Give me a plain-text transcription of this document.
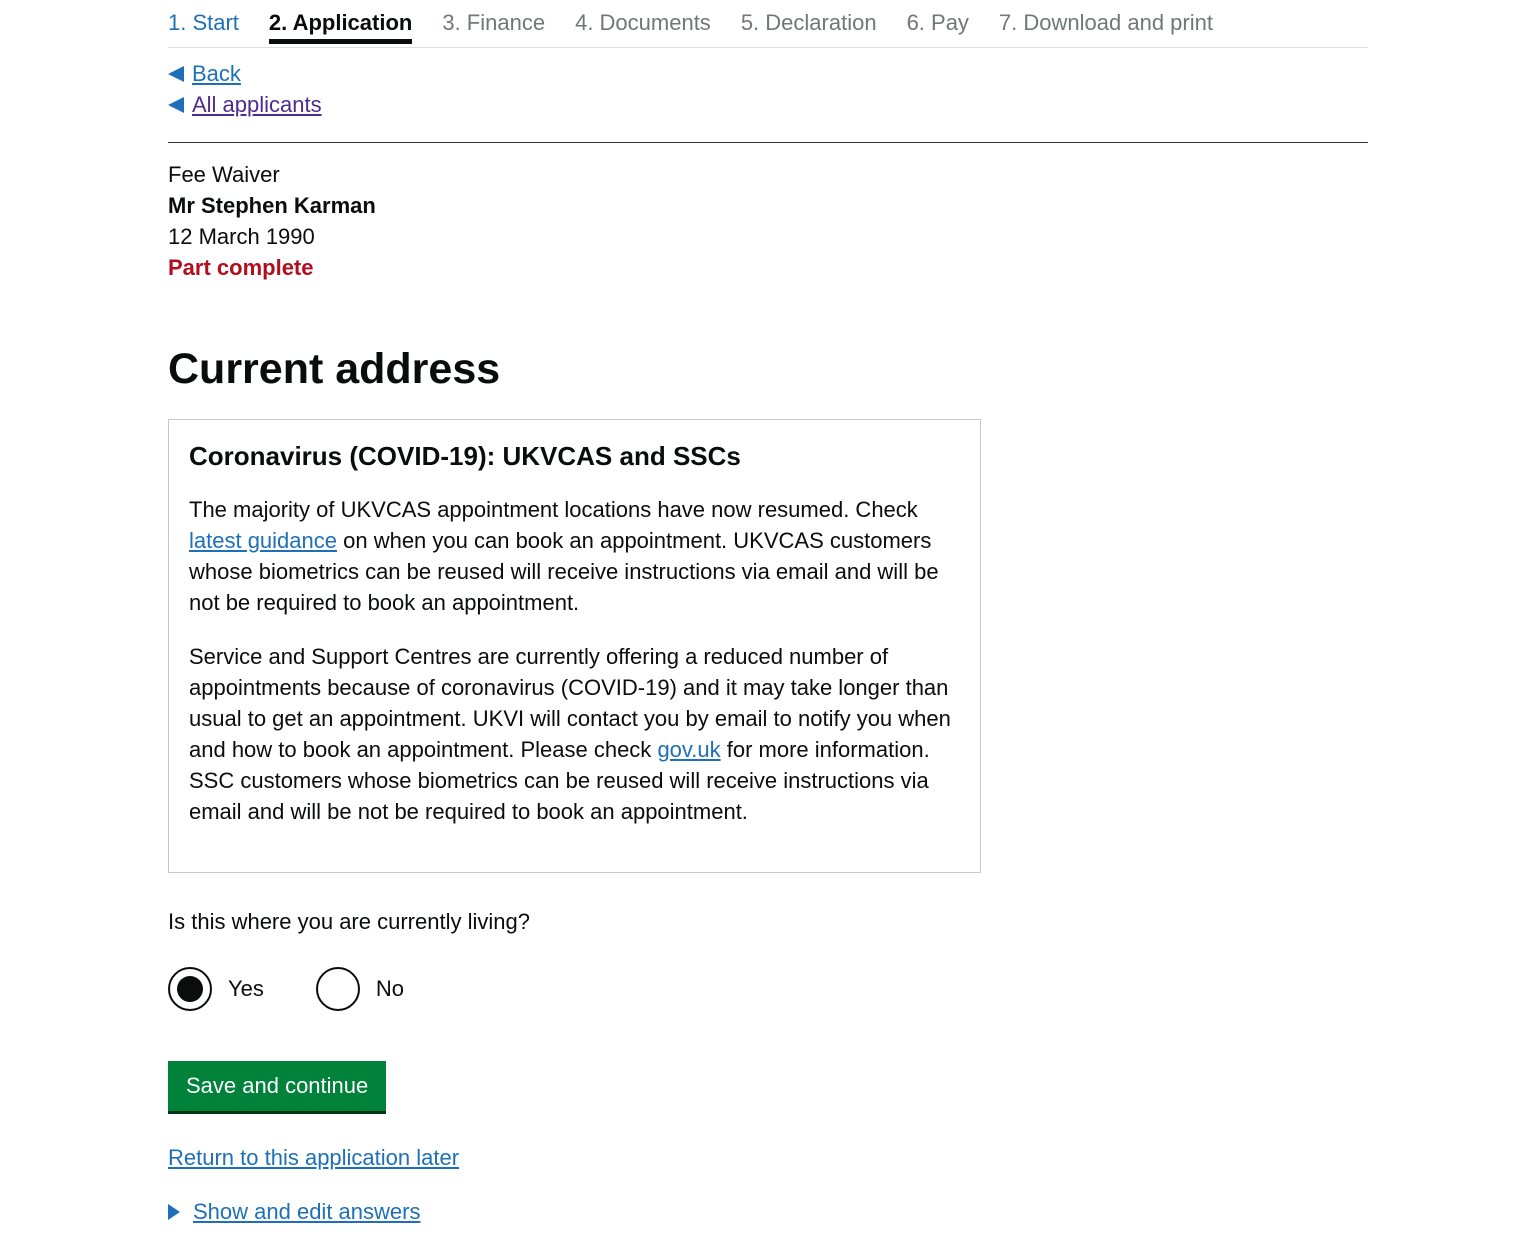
1. Start 2. Application 3. Finance 4. Documents 5. Declaration 6. Pay 7. Download and print
Back
All applicants
Fee Waiver
Mr Stephen Karman
12 March 1990
Part complete
Current address
Coronavirus (COVID-19): UKVCAS and SSCs

The majority of UKVCAS appointment locations have now resumed. Check latest guidance on when you can book an appointment. UKVCAS customers whose biometrics can be reused will receive instructions via email and will be not be required to book an appointment.

Service and Support Centres are currently offering a reduced number of appointments because of coronavirus (COVID-19) and it may take longer than usual to get an appointment. UKVI will contact you by email to notify you when and how to book an appointment. Please check gov.uk for more information. SSC customers whose biometrics can be reused will receive instructions via email and will be not be required to book an appointment.

Is this where you are currently living?
Yes	No
Save and continue
Return to this application later
Show and edit answers
